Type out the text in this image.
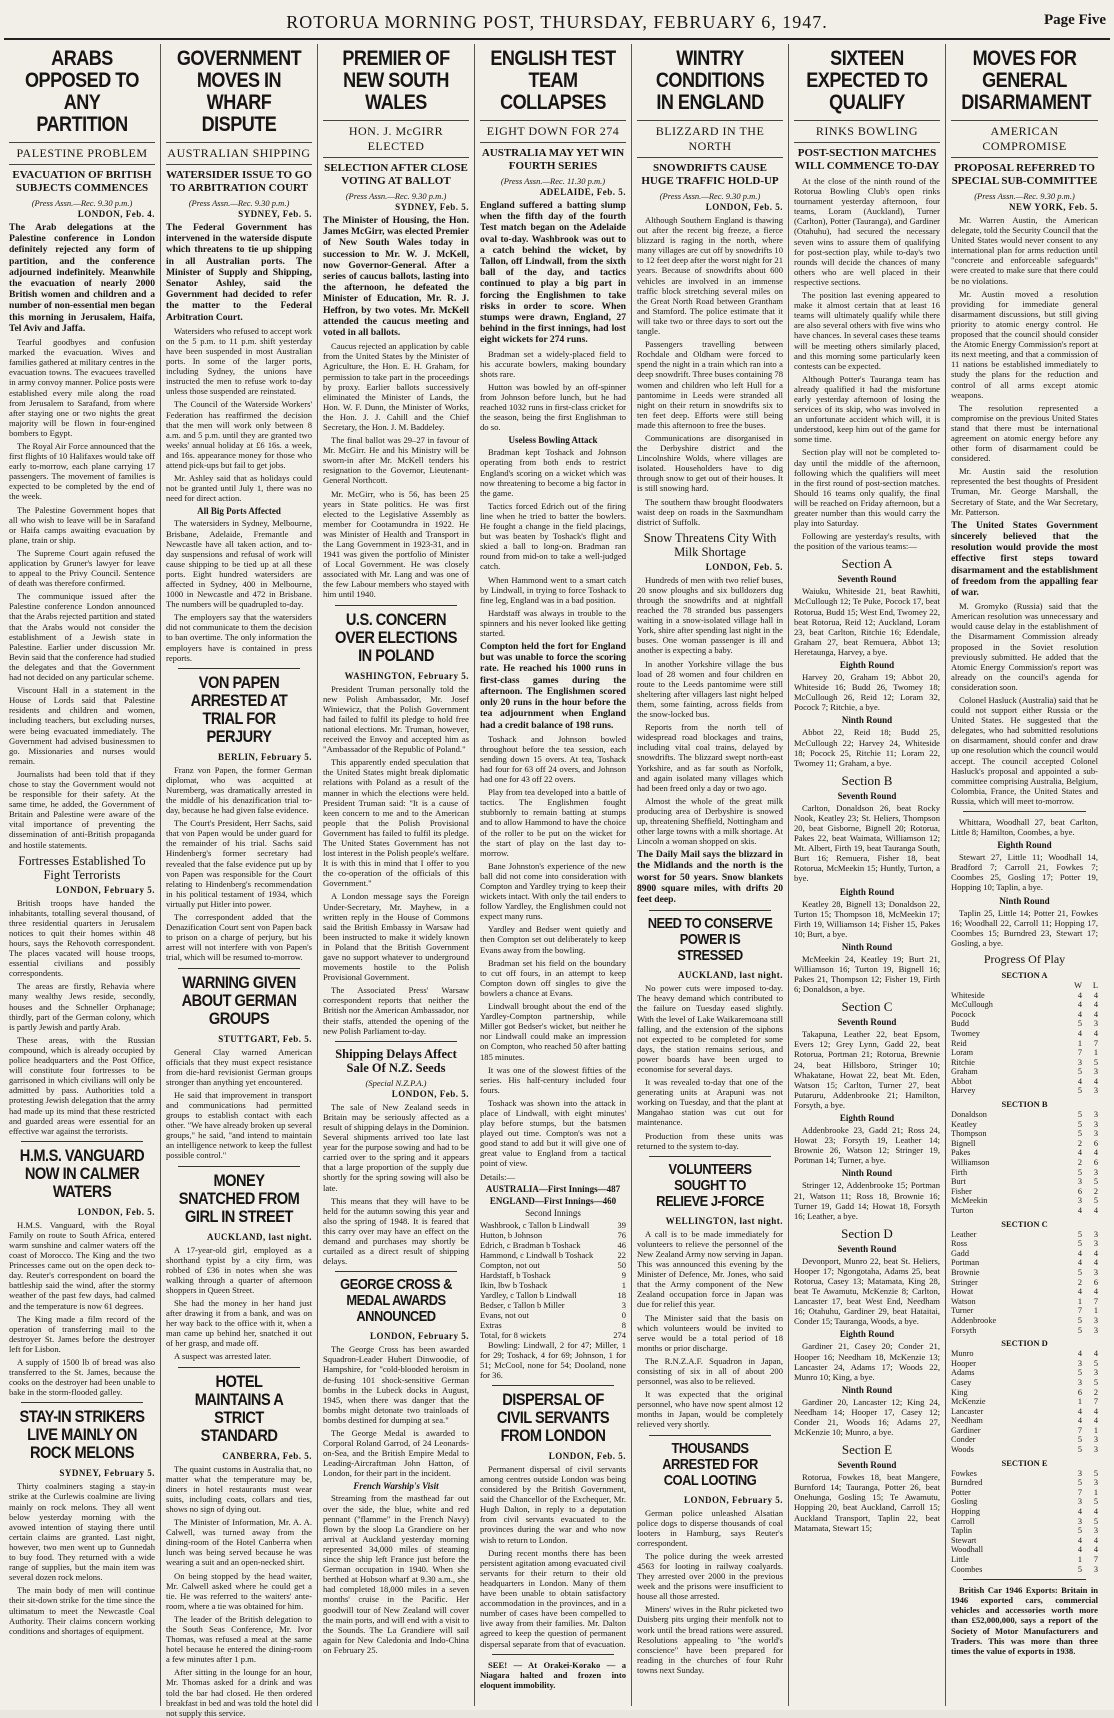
ROTORUA MORNING POST, THURSDAY, FEBRUARY 6, 1947.	Page Five
ARABS OPPOSED TO ANY PARTITION
PALESTINE PROBLEM
EVACUATION OF BRITISH SUBJECTS COMMENCES
(Press Assn.—Rec. 9.30 p.m.)
LONDON, Feb. 4.

The Arab delegations at the Palestine conference in London definitely rejected any form of partition, and the conference adjourned indefinitely. Meanwhile the evacuation of nearly 2000 British women and children and a number of non-essential men began this morning in Jerusalem, Haifa, Tel Aviv and Jaffa.

Tearful goodbyes and confusion marked the evacuation. Wives and families gathered at military centres in the evacuation towns. The evacuees travelled in army convoy manner. Police posts were established every mile along the road from Jerusalem to Sarafand, from where after staying one or two nights the great majority will be flown in four-engined bombers to Egypt.

The Royal Air Force announced that the first flights of 10 Halifaxes would take off early to-morrow, each plane carrying 17 passengers. The movement of families is expected to be completed by the end of the week.

The Palestine Government hopes that all who wish to leave will be in Sarafand or Haifa camps awaiting evacuation by plane, train or ship.

The Supreme Court again refused the application by Gruner's lawyer for leave to appeal to the Privy Council. Sentence of death was therefore confirmed.

The communique issued after the Palestine conference London announced that the Arabs rejected partition and stated that the Arabs would not consider the establishment of a Jewish state in Palestine. Earlier under discussion Mr. Bevin said that the conference had studied the delegates and that the Government had not decided on any particular scheme.

Viscount Hall in a statement in the House of Lords said that Palestine residents and children and women, including teachers, but excluding nurses, were being evacuated immediately. The Government had advised businessmen to go. Missionaries and nurses would remain.

Journalists had been told that if they chose to stay the Government would not be responsible for their safety. At the same time, he added, the Government of Britain and Palestine were aware of the vital importance of preventing the dissemination of anti-British propaganda and hostile statements.

Fortresses Established To Fight Terrorists
LONDON, February 5.

British troops have handed the inhabitants, totalling several thousand, of three residential quarters in Jerusalem notices to quit their homes within 48 hours, says the Rehovoth correspondent. The places vacated will house troops, essential civilians and possibly correspondents.

The areas are firstly, Rehavia where many wealthy Jews reside, secondly, houses and the Schneller Orphanage; thirdly, part of the German colony, which is partly Jewish and partly Arab.

These areas, with the Russian compound, which is already occupied by police headquarters and the Post Office, will constitute four fortresses to be garrisoned in which civilians will only be admitted by pass. Authorities told a protesting Jewish delegation that the army had made up its mind that these restricted and guarded areas were essential for an effective war against the terrorists.

H.M.S. VANGUARD NOW IN CALMER WATERS
LONDON, Feb. 5.

H.M.S. Vanguard, with the Royal Family on route to South Africa, entered warm sunshine and calmer waters off the coast of Morocco. The King and the two Princesses came out on the open deck to-day. Reuter's correspondent on board the battleship said the wind, after the stormy weather of the past few days, had calmed and the temperature is now 61 degrees.

The King made a film record of the operation of transferring mail to the destroyer St. James before the destroyer left for Lisbon.

A supply of 1500 lb of bread was also transferred to the St. James, because the cooks on the destroyer had been unable to bake in the storm-flooded galley.

STAY-IN STRIKERS LIVE MAINLY ON ROCK MELONS
SYDNEY, February 5.

Thirty coalminers staging a stay-in strike at the Curlewis coalmine are living mainly on rock melons. They all went below yesterday morning with the avowed intention of staying there until certain claims are granted. Last night, however, two men went up to Gunnedah to buy food. They returned with a wide range of supplies, but the main item was several dozen rock melons.

The main body of men will continue their sit-down strike for the time since the ultimatum to meet the Newcastle Coal Authority. Their claims concern working conditions and shortages of equipment.

GOVERNMENT MOVES IN WHARF DISPUTE
AUSTRALIAN SHIPPING
WATERSIDER ISSUE TO GO TO ARBITRATION COURT
(Press Assn.—Rec. 9.30 p.m.)
SYDNEY, Feb. 5.

The Federal Government has intervened in the waterside dispute which threatens to tie up shipping in all Australian ports. The Minister of Supply and Shipping, Senator Ashley, said the Government had decided to refer the matter to the Federal Arbitration Court.

Watersiders who refused to accept work on the 5 p.m. to 11 p.m. shift yesterday have been suspended in most Australian ports. In some of the larger ports, including Sydney, the unions have instructed the men to refuse work to-day unless those suspended are reinstated.

The Council of the Waterside Workers' Federation has reaffirmed the decision that the men will work only between 8 a.m. and 5 p.m. until they are granted two weeks' annual holiday at £6 16s. a week, and 16s. appearance money for those who attend pick-ups but fail to get jobs.

Mr. Ashley said that as holidays could not be granted until July 1, there was no need for direct action.

All Big Ports Affected

The watersiders in Sydney, Melbourne, Brisbane, Adelaide, Fremantle and Newcastle have all taken action, and to-day suspensions and refusal of work will cause shipping to be tied up at all these ports. Eight hundred watersiders are affected in Sydney, 400 in Melbourne, 1000 in Newcastle and 472 in Brisbane. The numbers will be quadrupled to-day.

The employers say that the watersiders did not communicate to them the decision to ban overtime. The only information the employers have is contained in press reports.

VON PAPEN ARRESTED AT TRIAL FOR PERJURY
BERLIN, February 5.

Franz von Papen, the former German diplomat, who was acquitted at Nuremberg, was dramatically arrested in the middle of his denazification trial to-day, because he had given false evidence.

The Court's President, Herr Sachs, said that von Papen would be under guard for the remainder of his trial. Sachs said Hindenberg's former secretary had revealed that the false evidence put up by von Papen was responsible for the Court relating to Hindenberg's recommendation in his political testament of 1934, which virtually put Hitler into power.

The correspondent added that the Denazification Court sent von Papen back to prison on a charge of perjury, but his arrest will not interfere with von Papen's trial, which will be resumed to-morrow.

WARNING GIVEN ABOUT GERMAN GROUPS
STUTTGART, Feb. 5.

General Clay warned American officials that they must expect resistance from die-hard revisionist German groups stronger than anything yet encountered.

He said that improvement in transport and communications had permitted groups to establish contact with each other. "We have already broken up several groups," he said, "and intend to maintain an intelligence network to keep the fullest possible control."

MONEY SNATCHED FROM GIRL IN STREET
AUCKLAND, last night.

A 17-year-old girl, employed as a shorthand typist by a city firm, was robbed of £36 in notes when she was walking through a quarter of afternoon shoppers in Queen Street.

She had the money in her hand just after drawing it from a bank, and was on her way back to the office with it, when a man came up behind her, snatched it out of her grasp, and made off.

A suspect was arrested later.

HOTEL MAINTAINS A STRICT STANDARD
CANBERRA, Feb. 5.

The quaint customs in Australia that, no matter what the temperature may be, diners in hotel restaurants must wear suits, including coats, collars and ties, shows no sign of dying out.

The Minister of Information, Mr. A. A. Calwell, was turned away from the dining-room of the Hotel Canberra when lunch was being served because he was wearing a suit and an open-necked shirt.

On being stopped by the head waiter, Mr. Calwell asked where he could get a tie. He was referred to the waiters' ante-room, where a tie was obtained for him.

The leader of the British delegation to the South Seas Conference, Mr. Ivor Thomas, was refused a meal at the same hotel because he entered the dining-room a few minutes after 1 p.m.

After sitting in the lounge for an hour, Mr. Thomas asked for a drink and was told the bar had closed. He then ordered breakfast in bed and was told the hotel did not supply this service.

PREMIER OF NEW SOUTH WALES
HON. J. McGIRR ELECTED
SELECTION AFTER CLOSE VOTING AT BALLOT
(Press Assn.—Rec. 9.30 p.m.)
SYDNEY, Feb. 5.

The Minister of Housing, the Hon. James McGirr, was elected Premier of New South Wales today in succession to Mr. W. J. McKell, now Governor-General. After a series of caucus ballots, lasting into the afternoon, he defeated the Minister of Education, Mr. R. J. Heffron, by two votes. Mr. McKell attended the caucus meeting and voted in all ballots.

Caucus rejected an application by cable from the United States by the Minister of Agriculture, the Hon. E. H. Graham, for permission to take part in the proceedings by proxy. Earlier ballots successively eliminated the Minister of Lands, the Hon. W. F. Dunn, the Minister of Works, the Hon. J. J. Cahill and the Chief Secretary, the Hon. J. M. Baddeley.

The final ballot was 29–27 in favour of Mr. McGirr. He and his Ministry will be sworn-in after Mr. McKell tenders his resignation to the Governor, Lieutenant-General Northcott.

Mr. McGirr, who is 56, has been 25 years in State politics. He was first elected to the Legislative Assembly as member for Cootamundra in 1922. He was Minister of Health and Transport in the Lang Government in 1923-31, and in 1941 was given the portfolio of Minister of Local Government. He was closely associated with Mr. Lang and was one of the few Labour members who stayed with him until 1940.

U.S. CONCERN OVER ELECTIONS IN POLAND
WASHINGTON, February 5.

President Truman personally told the new Polish Ambassador, Mr. Josef Winiewicz, that the Polish Government had failed to fulfil its pledge to hold free national elections. Mr. Truman, however, received the Envoy and accepted him as "Ambassador of the Republic of Poland."

This apparently ended speculation that the United States might break diplomatic relations with Poland as a result of the manner in which the elections were held. President Truman said: "It is a cause of keen concern to me and to the American people that the Polish Provisional Government has failed to fulfil its pledge. The United States Government has not lost interest in the Polish people's welfare. It is with this in mind that I offer to you the co-operation of the officials of this Government."

A London message says the Foreign Under-Secretary, Mr. Mayhew, in a written reply in the House of Commons said the British Embassy in Warsaw had been instructed to make it widely known in Poland that the British Government gave no support whatever to underground movements hostile to the Polish Provisional Government.

The Associated Press' Warsaw correspondent reports that neither the British nor the American Ambassador, nor their staffs, attended the opening of the new Polish Parliament to-day.

Shipping Delays Affect Sale Of N.Z. Seeds
(Special N.Z.P.A.)
LONDON, Feb. 5.

The sale of New Zealand seeds in Britain may be seriously affected as a result of shipping delays in the Dominion. Several shipments arrived too late last year for the purpose sowing and had to be carried over to the spring and it appears that a large proportion of the supply due shortly for the spring sowing will also be late.

This means that they will have to be held for the autumn sowing this year and also the spring of 1948. It is feared that this carry over may have an effect on the demand and purchases may shortly be curtailed as a direct result of shipping delays.

GEORGE CROSS & MEDAL AWARDS ANNOUNCED
LONDON, February 5.

The George Cross has been awarded Squadron-Leader Hubert Dinwoodie, of Hampshire, for "cold-blooded heroism in de-fusing 101 shock-sensitive German bombs in the Lubeck docks in August, 1945, when there was danger that the bombs might detonate two trainloads of bombs destined for dumping at sea."

The George Medal is awarded to Corporal Roland Garrod, of 24 Leonards-on-Sea, and the British Empire Medal to Leading-Aircraftman John Hatton, of London, for their part in the incident.

French Warship's Visit

Streaming from the masthead far out over the side, the blue, white and red pennant ("flamme" in the French Navy) flown by the sloop La Grandiere on her arrival at Auckland yesterday morning represented 34,000 miles of steaming since the ship left France just before the German occupation in 1940. When she berthed at Hobson wharf at 9.30 a.m., she had completed 18,000 miles in a seven months' cruise in the Pacific. Her goodwill tour of New Zealand will cover the main ports, and will end with a visit to the Sounds. The La Grandiere will sail again for New Caledonia and Indo-China on February 25.

ENGLISH TEST TEAM COLLAPSES
EIGHT DOWN FOR 274
AUSTRALIA MAY YET WIN FOURTH SERIES
(Press Assn.—Rec. 11.30 p.m.)
ADELAIDE, Feb. 5.

England suffered a batting slump when the fifth day of the fourth Test match began on the Adelaide oval to-day. Washbrook was out to a catch behind the wicket, by Tallon, off Lindwall, from the sixth ball of the day, and tactics continued to play a big part in forcing the Englishmen to take risks in order to score. When stumps were drawn, England, 27 behind in the first innings, had lost eight wickets for 274 runs.

Bradman set a widely-placed field to his accurate bowlers, making boundary shots rare.

Hutton was bowled by an off-spinner from Johnson before lunch, but he had reached 1032 runs in first-class cricket for the season, being the first Englishman to do so.

Useless Bowling Attack

Bradman kept Toshack and Johnson operating from both ends to restrict England's scoring on a wicket which was now threatening to become a big factor in the game.

Tactics forced Edrich out of the firing line when he tried to batter the bowlers. He fought a change in the field placings, but was beaten by Toshack's flight and skied a ball to long-on. Bradman ran round from mid-on to take a well-judged catch.

When Hammond went to a smart catch by Lindwall, in trying to force Toshack to fine leg, England was in a bad position.

Hardstaff was always in trouble to the spinners and his never looked like getting started.

Compton held the fort for England but was unable to force the scoring rate. He reached his 1000 runs in first-class games during the afternoon. The Englishmen scored only 20 runs in the hour before the tea adjournment when England had a credit balance of 198 runs.

Toshack and Johnson bowled throughout before the tea session, each sending down 15 overs. At tea, Toshack had four for 63 off 24 overs, and Johnson had one for 43 off 22 overs.

Play from tea developed into a battle of tactics. The Englishmen fought stubbornly to remain batting at stumps and to allow Hammond to have the choice of the roller to be put on the wicket for the start of play on the last day to-morrow.

Bane Johnston's experience of the new ball did not come into consideration with Compton and Yardley trying to keep their wickets intact. With only the tail enders to follow Yardley, the Englishmen could not expect many runs.

Yardley and Bedser went quietly and then Compton set out deliberately to keep Evans away from the bowling.

Bradman set his field on the boundary to cut off fours, in an attempt to keep Compton down off singles to give the bowlers a chance at Evans.

Lindwall brought about the end of the Yardley-Compton partnership, while Miller got Bedser's wicket, but neither he nor Lindwall could make an impression on Compton, who reached 50 after batting 185 minutes.

It was one of the slowest fifties of the series. His half-century included four fours.

Toshack was shown into the attack in place of Lindwall, with eight minutes' play before stumps, but the batsmen played out time. Compton's was not a good stand to add but it will give one of great value to England from a tactical point of view.

Details:—
AUSTRALIA—First Innings—487
ENGLAND—First Innings—460
Second Innings
Washbrook, c Tallon b Lindwall	39
Hutton, b Johnson	76
Edrich, c Bradman b Toshack	46
Hammond, c Lindwall b Toshack	22
Compton, not out	50
Hardstaff, b Toshack	9
Ikin, lbw b Toshack	1
Yardley, c Tallon b Lindwall	18
Bedser, c Tallon b Miller	3
Evans, not out	0
Extras	8
Total, for 8 wickets	274

Bowling: Lindwall, 2 for 47; Miller, 1 for 29; Toshack, 4 for 69; Johnson, 1 for 51; McCool, none for 54; Dooland, none for 36.

DISPERSAL OF CIVIL SERVANTS FROM LONDON
LONDON, Feb. 5.

Permanent dispersal of civil servants among centres outside London was being considered by the British Government, said the Chancellor of the Exchequer, Mr. Hugh Dalton, in reply to a deputation from civil servants evacuated to the provinces during the war and who now wish to return to London.

During recent months there has been persistent agitation among evacuated civil servants for their return to their old headquarters in London. Many of them have been unable to obtain satisfactory accommodation in the provinces, and in a number of cases have been compelled to live away from their families. Mr. Dalton agreed to keep the question of permanent dispersal separate from that of evacuation.

SEE! — At Orakei-Korako — a Niagara halted and frozen into eloquent immobility.

WINTRY CONDITIONS IN ENGLAND
BLIZZARD IN THE NORTH
SNOWDRIFTS CAUSE HUGE TRAFFIC HOLD-UP
(Press Assn.—Rec. 9.30 p.m.)
LONDON, Feb. 5.

Although Southern England is thawing out after the recent big freeze, a fierce blizzard is raging in the north, where many villages are cut off by snowdrifts 10 to 12 feet deep after the worst night for 21 years. Because of snowdrifts about 600 vehicles are involved in an immense traffic block stretching several miles on the Great North Road between Grantham and Stamford. The police estimate that it will take two or three days to sort out the tangle.

Passengers travelling between Rochdale and Oldham were forced to spend the night in a train which ran into a deep snowdrift. Three buses containing 78 women and children who left Hull for a pantomime in Leeds were stranded all night on their return in snowdrifts six to ten feet deep. Efforts were still being made this afternoon to free the buses.

Communications are disorganised in the Derbyshire district and the Lincolnshire Wolds, where villages are isolated. Householders have to dig through snow to get out of their houses. It is still snowing hard.

The southern thaw brought floodwaters waist deep on roads in the Saxmundham district of Suffolk.

Snow Threatens City With Milk Shortage
LONDON, Feb. 5.

Hundreds of men with two relief buses, 20 snow ploughs and six bulldozers dug through the snowdrifts and at nightfall reached the 78 stranded bus passengers waiting in a snow-isolated village hall in York, shire after spending last night in the buses. One woman passenger is ill and another is expecting a baby.

In another Yorkshire village the bus load of 28 women and four children en route to the Leeds pantomime were still sheltering after villagers last night helped them, some fainting, across fields from the snow-locked bus.

Reports from the north tell of widespread road blockages and trains, including vital coal trains, delayed by snowdrifts. The blizzard swept north-east Yorkshire, and as far south as Norfolk, and again isolated many villages which had been freed only a day or two ago.

Almost the whole of the great milk producing area of Derbyshire is snowed up, threatening Sheffield, Nottingham and other large towns with a milk shortage. At Lincoln a woman shopped on skis.

The Daily Mail says the blizzard in the Midlands and the north is the worst for 50 years. Snow blankets 8900 square miles, with drifts 20 feet deep.

NEED TO CONSERVE POWER IS STRESSED
AUCKLAND, last night.

No power cuts were imposed to-day. The heavy demand which contributed to the failure on Tuesday eased slightly. With the level of Lake Waikaremoana still falling, and the extension of the siphons not expected to be completed for some days, the station remains serious, and power boards have been urged to economise for several days.

It was revealed to-day that one of the generating units at Arapuni was not working on Tuesday, and that the plant at Mangahao station was cut out for maintenance.

Production from these units was returned to the system to-day.

VOLUNTEERS SOUGHT TO RELIEVE J-FORCE
WELLINGTON, last night.

A call is to be made immediately for volunteers to relieve the personnel of the New Zealand Army now serving in Japan. This was announced this evening by the Minister of Defence, Mr. Jones, who said that the Army component of the New Zealand occupation force in Japan was due for relief this year.

The Minister said that the basis on which volunteers would be invited to serve would be a total period of 18 months or prior discharge.

The R.N.Z.A.F. Squadron in Japan, consisting of six in all of about 200 personnel, was also to be relieved.

It was expected that the original personnel, who have now spent almost 12 months in Japan, would be completely relieved very shortly.

THOUSANDS ARRESTED FOR COAL LOOTING
LONDON, February 5.

German police unleashed Alsatian police dogs to disperse thousands of coal looters in Hamburg, says Reuter's correspondent.

The police during the week arrested 4563 for looting in railway coalyards. They arrested over 2000 in the previous week and the prisons were insufficient to house all those arrested.

Miners' wives in the Ruhr picketed two Duisberg pits urging their menfolk not to work until the bread rations were assured. Resolutions appealing to "the world's conscience" have been prepared for reading in the churches of four Ruhr towns next Sunday.

SIXTEEN EXPECTED TO QUALIFY
RINKS BOWLING
POST-SECTION MATCHES WILL COMMENCE TO-DAY

At the close of the ninth round of the Rotorua Bowling Club's open rinks tournament yesterday afternoon, four teams, Loram (Auckland), Turner (Carlton), Potter (Tauranga), and Gardiner (Otahuhu), had secured the necessary seven wins to assure them of qualifying for post-section play, while to-day's two rounds will decide the chances of many others who are well placed in their respective sections.

The position last evening appeared to make it almost certain that at least 16 teams will ultimately qualify while there are also several others with five wins who have chances. In several cases these teams will be meeting others similarly placed, and this morning some particularly keen contests can be expected.

Although Potter's Tauranga team has already qualified it had the misfortune early yesterday afternoon of losing the services of its skip, who was involved in an unfortunate accident which will, it is understood, keep him out of the game for some time.

Section play will not be completed to-day until the middle of the afternoon, following which the qualifiers will meet in the first round of post-section matches. Should 16 teams only qualify, the final will be reached on Friday afternoon, but a greater number than this would carry the play into Saturday.

Following are yesterday's results, with the position of the various teams:—

Section A
Seventh Round

Waiuku, Whiteside 21, beat Rawhiti, McCullough 12; Te Puke, Pocock 17, beat Rotorua, Budd 15; West End, Twomey 22, beat Rotorua, Reid 12; Auckland, Loram 23, beat Carlton, Ritchie 16; Edendale, Graham 27, beat Remuera, Abbot 13; Heretaunga, Harvey, a bye.

Eighth Round

Harvey 20, Graham 19; Abbot 20, Whiteside 16; Budd 26, Twomey 18; McCullough 26, Reid 12; Loram 32, Pocock 7; Ritchie, a bye.

Ninth Round

Abbot 22, Reid 18; Budd 25, McCullough 22; Harvey 24, Whiteside 18; Pocock 25, Ritchie 11; Loram 22, Twomey 11; Graham, a bye.

Section B
Seventh Round

Carlton, Donaldson 26, beat Rocky Nook, Keatley 23; St. Heliers, Thompson 20, beat Gisborne, Bignell 20; Rotorua, Pakes 22, beat Waimata, Williamson 12; Mt. Albert, Firth 19, beat Tauranga South, Burt 16; Remuera, Fisher 18, beat Rotorua, McMeekin 15; Huntly, Turton, a bye.

Eighth Round

Keatley 28, Bignell 13; Donaldson 22, Turton 15; Thompson 18, McMeekin 17; Firth 19, Williamson 14; Fisher 15, Pakes 10; Burt, a bye.

Ninth Round

McMeekin 24, Keatley 19; Burt 21, Williamson 16; Turton 19, Bignell 16; Pakes 21, Thompson 12; Fisher 19, Firth 6; Donaldson, a bye.

Section C
Seventh Round

Takapuna, Leather 22, beat Epsom, Evers 12; Grey Lynn, Gadd 22, beat Rotorua, Portman 21; Rotorua, Brewnie 24, beat Hillsboro, Stringer 10; Whakatane, Howat 22, beat Mt. Eden, Watson 15; Carlton, Turner 27, beat Putaruru, Addenbrooke 21; Hamilton, Forsyth, a bye.

Eighth Round

Addenbrooke 23, Gadd 21; Ross 24, Howat 23; Forsyth 19, Leather 14; Brownie 26, Watson 12; Stringer 19, Portman 14; Turner, a bye.

Ninth Round

Stringer 12, Addenbrooke 15; Portman 21, Watson 11; Ross 18, Brownie 16; Turner 19, Gadd 14; Howat 18, Forsyth 16; Leather, a bye.

Section D
Seventh Round

Devonport, Munro 22, beat St. Heliers, Hooper 17; Ngongotaha, Adams 25, beat Rotorua, Casey 13; Matamata, King 28, beat Te Awamutu, McKenzie 8; Carlton, Lancaster 17, beat West End, Needham 16; Otahuhu, Gardiner 29, beat Hataitai, Conder 15; Tauranga, Woods, a bye.

Eighth Round

Gardiner 21, Casey 20; Conder 21, Hooper 16; Needham 18, McKenzie 13; Lancaster 24, Adams 17; Woods 22, Munro 10; King, a bye.

Ninth Round

Gardiner 20, Lancaster 12; King 24, Needham 14; Hooper 17, Casey 12; Conder 21, Woods 16; Adams 27, McKenzie 10; Munro, a bye.

Section E
Seventh Round

Rotorua, Fowkes 18, beat Mangere, Burnford 14; Tauranga, Potter 26, beat Onehunga, Gosling 15; Te Awamutu, Hopping 20, beat Auckland, Carroll 15; Auckland Transport, Taplin 22, beat Matamata, Stewart 15;

MOVES FOR GENERAL DISARMAMENT
AMERICAN COMPROMISE
PROPOSAL REFERRED TO SPECIAL SUB-COMMITTEE
(Press Assn.—Rec. 9.30 p.m.)
NEW YORK, Feb. 5.

Mr. Warren Austin, the American delegate, told the Security Council that the United States would never consent to any international plan for arms reduction until "concrete and enforceable safeguards" were created to make sure that there could be no violations.

Mr. Austin moved a resolution providing for immediate general disarmament discussions, but still giving priority to atomic energy control. He proposed that the council should consider the Atomic Energy Commission's report at its next meeting, and that a commission of 11 nations be established immediately to study the plans for the reduction and control of all arms except atomic weapons.

The resolution represented a compromise on the previous United States stand that there must be international agreement on atomic energy before any other form of disarmament could be considered.

Mr. Austin said the resolution represented the best thoughts of President Truman, Mr. George Marshall, the Secretary of State, and the War Secretary, Mr. Patterson.

The United States Government sincerely believed that the resolution would provide the most effective first steps toward disarmament and the establishment of freedom from the appalling fear of war.

M. Gromyko (Russia) said that the American resolution was unnecessary and would cause delay in the establishment of the Disarmament Commission already proposed in the Soviet resolution previously submitted. He added that the Atomic Energy Commission's report was already on the council's agenda for consideration soon.

Colonel Hasluck (Australia) said that he could not support either Russia or the United States. He suggested that the delegates, who had submitted resolutions on disarmament, should confer and draw up one resolution which the council would accept. The council accepted Colonel Hasluck's proposal and appointed a sub-committee comprising Australia, Belgium, Colombia, France, the United States and Russia, which will meet to-morrow.

Whittara, Woodhall 27, beat Carlton, Little 8; Hamilton, Coombes, a bye.

Eighth Round

Stewart 27, Little 11; Woodhall 14, Bradford 7; Carroll 21, Fowkes 7; Coombes 25, Gosling 17; Potter 19, Hopping 10; Taplin, a bye.

Ninth Round

Taplin 25, Little 14; Potter 21, Fowkes 16; Woodhall 22, Carroll 11; Hopping 17, Coombes 15; Burndred 23, Stewart 17; Gosling, a bye.

Progress Of Play
SECTION A
W	L
Whiteside	4	4
McCullough	4	4
Pocock	4	4
Budd	5	3
Twomey	4	4
Reid	1	7
Loram	7	1
Ritchie	3	5
Graham	5	3
Abbot	4	4
Harvey	5	3
SECTION B
Donaldson	5	3
Keatley	5	3
Thompson	5	3
Bignell	2	6
Pakes	4	4
Williamson	2	6
Firth	5	3
Burt	3	5
Fisher	6	2
McMeekin	3	5
Turton	4	4
SECTION C
Leather	5	3
Ross	5	3
Gadd	4	4
Portman	4	4
Brownie	5	3
Stringer	2	6
Howat	4	4
Watson	1	7
Turner	7	1
Addenbrooke	5	3
Forsyth	5	3
SECTION D
Munro	4	4
Hooper	3	5
Adams	5	3
Casey	3	5
King	6	2
McKenzie	1	7
Lancaster	4	4
Needham	4	4
Gardiner	7	1
Conder	5	3
Woods	5	3
SECTION E
Fowkes	3	5
Burndred	5	3
Potter	7	1
Gosling	3	5
Hopping	4	4
Carroll	3	5
Taplin	5	3
Stewart	4	4
Woodhall	4	4
Little	1	7
Coombes	5	3

British Car 1946 Exports: Britain in 1946 exported cars, commercial vehicles and accessories worth more than £52,000,000, says a report of the Society of Motor Manufacturers and Traders. This was more than three times the value of exports in 1938.
